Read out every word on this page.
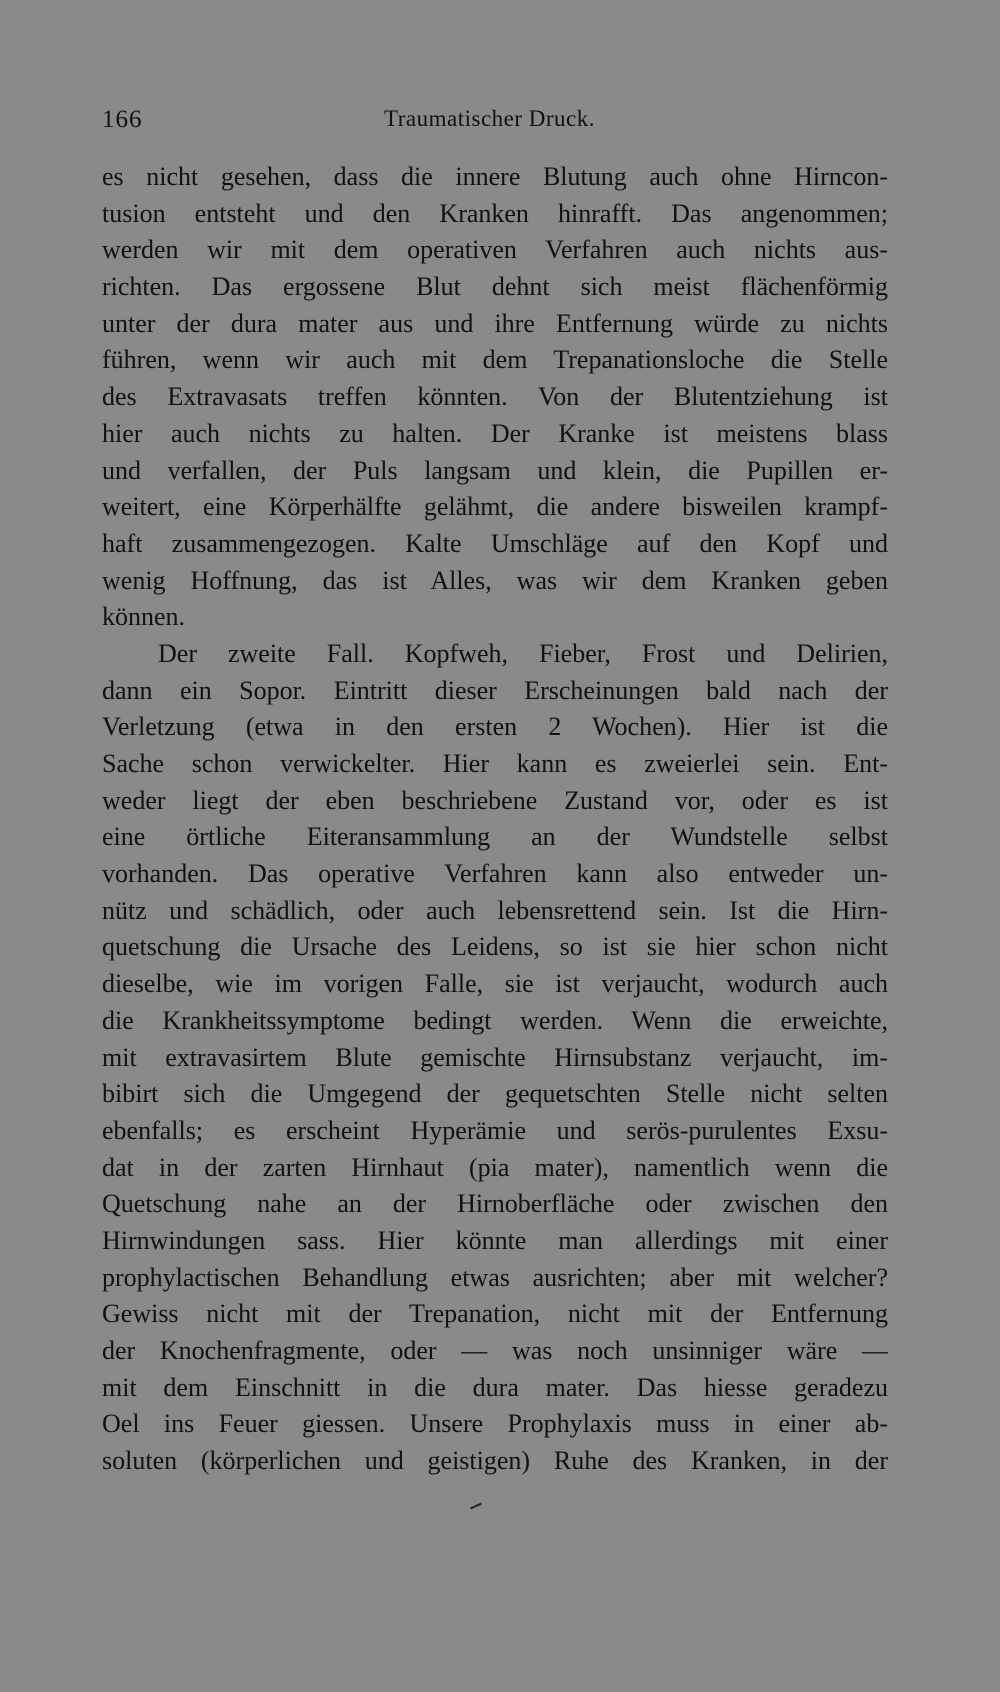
166	Traumatischer Druck.
es nicht gesehen, dass die innere Blutung auch ohne Hirncon-
tusion entsteht und den Kranken hinrafft. Das angenommen;
werden wir mit dem operativen Verfahren auch nichts aus-
richten. Das ergossene Blut dehnt sich meist flächenförmig
unter der dura mater aus und ihre Entfernung würde zu nichts
führen, wenn wir auch mit dem Trepanationsloche die Stelle
des Extravasats treffen könnten. Von der Blutentziehung ist
hier auch nichts zu halten. Der Kranke ist meistens blass
und verfallen, der Puls langsam und klein, die Pupillen er-
weitert, eine Körperhälfte gelähmt, die andere bisweilen krampf-
haft zusammengezogen. Kalte Umschläge auf den Kopf und
wenig Hoffnung, das ist Alles, was wir dem Kranken geben
können.
Der zweite Fall. Kopfweh, Fieber, Frost und Delirien,
dann ein Sopor. Eintritt dieser Erscheinungen bald nach der
Verletzung (etwa in den ersten 2 Wochen). Hier ist die
Sache schon verwickelter. Hier kann es zweierlei sein. Ent-
weder liegt der eben beschriebene Zustand vor, oder es ist
eine örtliche Eiteransammlung an der Wundstelle selbst
vorhanden. Das operative Verfahren kann also entweder un-
nütz und schädlich, oder auch lebensrettend sein. Ist die Hirn-
quetschung die Ursache des Leidens, so ist sie hier schon nicht
dieselbe, wie im vorigen Falle, sie ist verjaucht, wodurch auch
die Krankheitssymptome bedingt werden. Wenn die erweichte,
mit extravasirtem Blute gemischte Hirnsubstanz verjaucht, im-
bibirt sich die Umgegend der gequetschten Stelle nicht selten
ebenfalls; es erscheint Hyperämie und serös-purulentes Exsu-
dat in der zarten Hirnhaut (pia mater), namentlich wenn die
Quetschung nahe an der Hirnoberfläche oder zwischen den
Hirnwindungen sass. Hier könnte man allerdings mit einer
prophylactischen Behandlung etwas ausrichten; aber mit welcher?
Gewiss nicht mit der Trepanation, nicht mit der Entfernung
der Knochenfragmente, oder — was noch unsinniger wäre —
mit dem Einschnitt in die dura mater. Das hiesse geradezu
Oel ins Feuer giessen. Unsere Prophylaxis muss in einer ab-
soluten (körperlichen und geistigen) Ruhe des Kranken, in der
